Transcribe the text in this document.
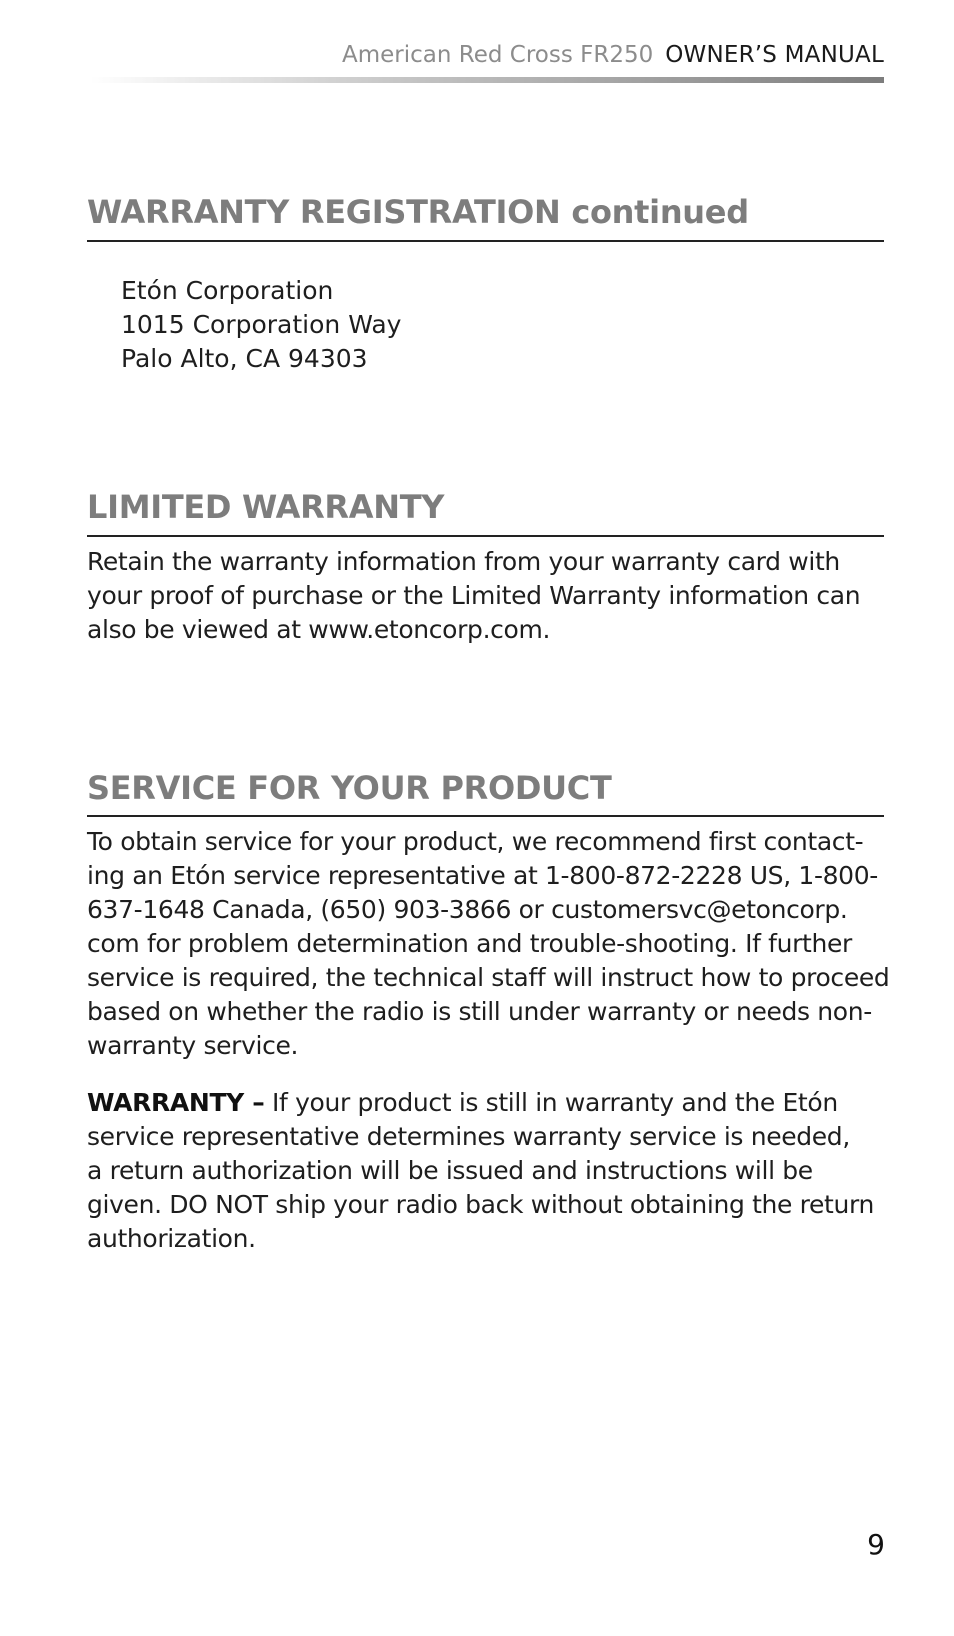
American Red Cross FR250 OWNER’S MANUAL
WARRANTY REGISTRATION continued
Etón Corporation
1015 Corporation Way
Palo Alto, CA 94303
LIMITED WARRANTY

Retain the warranty information from your warranty card with
your proof of purchase or the Limited Warranty information can
also be viewed at www.etoncorp.com.

SERVICE FOR YOUR PRODUCT

To obtain service for your product, we recommend first contact-
ing an Etón service representative at 1-800-872-2228 US, 1-800-
637-1648 Canada, (650) 903-3866 or customersvc@etoncorp.
com for problem determination and trouble-shooting. If further
service is required, the technical staff will instruct how to proceed
based on whether the radio is still under warranty or needs non-
warranty service.

WARRANTY – If your product is still in warranty and the Etón
service representative determines warranty service is needed,
a return authorization will be issued and instructions will be
given. DO NOT ship your radio back without obtaining the return
authorization.

9
